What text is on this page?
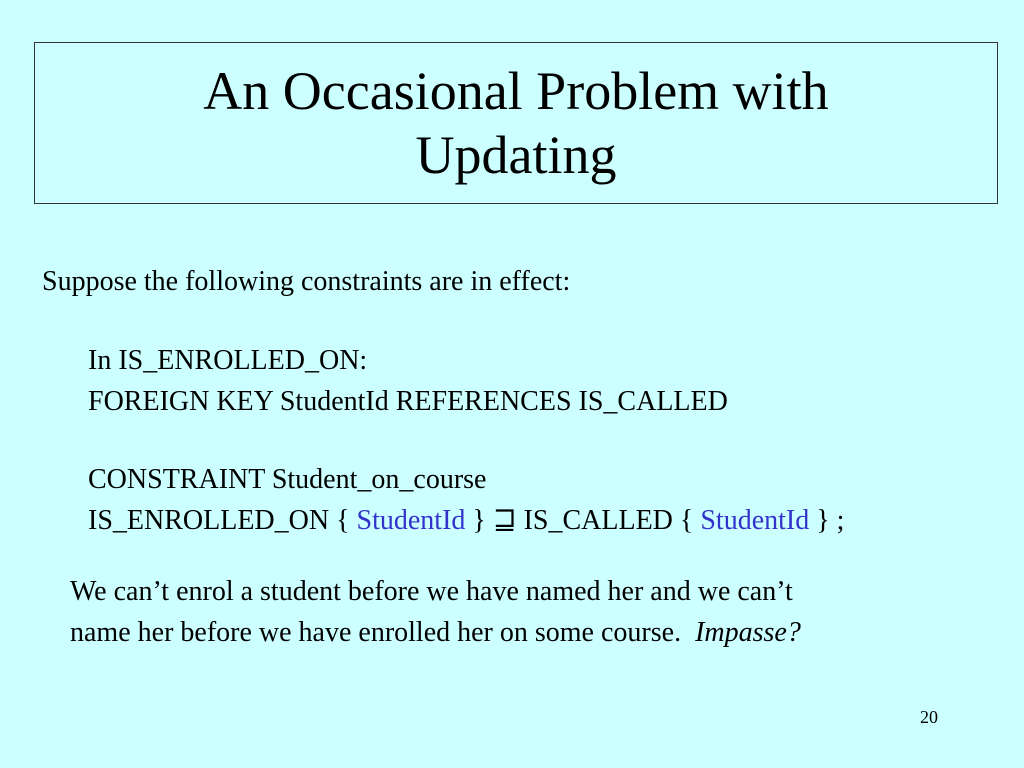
An Occasional Problem with
Updating
Suppose the following constraints are in effect:
In IS_ENROLLED_ON:
FOREIGN KEY StudentId REFERENCES IS_CALLED
CONSTRAINT Student_on_course
IS_ENROLLED_ON { StudentId } ⊒ IS_CALLED { StudentId } ;
We can’t enrol a student before we have named her and we can’t
name her before we have enrolled her on some course. Impasse?
20
